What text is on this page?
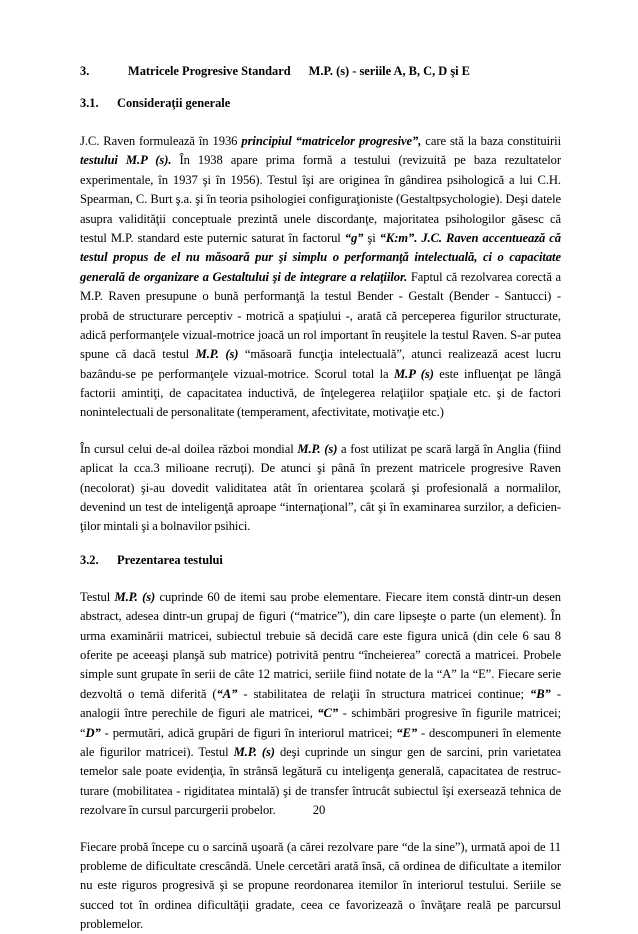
3.	Matricele Progresive Standard M.P. (s) - seriile A, B, C, D şi E
3.1. Consideraţii generale
J.C. Raven formulează în 1936 principiul “matricelor progresive”, care stă la baza constituirii
testului M.P (s). În 1938 apare prima formă a testului (revizuită pe baza rezultatelor
experimentale, în 1937 şi în 1956). Testul îşi are originea în gândirea psihologică a lui C.H.
Spearman, C. Burt ş.a. şi în teoria psihologiei configuraţioniste (Gestaltpsychologie). Deşi datele
asupra validităţii conceptuale prezintă unele discordanţe, majoritatea psihologilor găsesc că
testul M.P. standard este puternic saturat în factorul “g” şi “K:m”. J.C. Raven accentuează că
testul propus de el nu măsoară pur şi simplu o performanţă intelectuală, ci o capacitate
generală de organizare a Gestaltului şi de integrare a relaţiilor. Faptul că rezolvarea corectă a
M.P. Raven presupune o bună performanţă la testul Bender - Gestalt (Bender - Santucci) -
probă de structurare perceptiv - motrică a spaţiului -, arată că perceperea figurilor structurate,
adică performanţele vizual-motrice joacă un rol important în reuşitele la testul Raven. S-ar putea
spune că dacă testul M.P. (s) “măsoară funcţia intelectuală”, atunci realizează acest lucru
bazându-se pe performanţele vizual-motrice. Scorul total la M.P (s) este influenţat pe lângă
factorii amintiţi, de capacitatea inductivă, de înţelegerea relaţiilor spaţiale etc. şi de factori
nonintelectuali de personalitate (temperament, afectivitate, motivaţie etc.)
În cursul celui de-al doilea război mondial M.P. (s) a fost utilizat pe scară largă în Anglia (fiind
aplicat la cca.3 milioane recruţi). De atunci şi până în prezent matricele progresive Raven
(necolorat) şi-au dovedit validitatea atât în orientarea şcolară şi profesională a normalilor,
devenind un test de inteligenţă aproape “internaţional”, cât şi în examinarea surzilor, a deficien-
ţilor mintali şi a bolnavilor psihici.
3.2. Prezentarea testului
Testul M.P. (s) cuprinde 60 de itemi sau probe elementare. Fiecare item constă dintr-un desen
abstract, adesea dintr-un grupaj de figuri (“matrice”), din care lipseşte o parte (un element). În
urma examinării matricei, subiectul trebuie să decidă care este figura unică (din cele 6 sau 8
oferite pe aceeaşi planşă sub matrice) potrivită pentru “încheierea” corectă a matricei. Probele
simple sunt grupate în serii de câte 12 matrici, seriile fiind notate de la “A” la “E”. Fiecare serie
dezvoltă o temă diferită (“A” - stabilitatea de relaţii în structura matricei continue; “B” -
analogii între perechile de figuri ale matricei, “C” - schimbări progresive în figurile matricei;
“D” - permutări, adică grupări de figuri în interiorul matricei; “E” - descompuneri în elemente
ale figurilor matricei). Testul M.P. (s) deşi cuprinde un singur gen de sarcini, prin varietatea
temelor sale poate evidenţia, în strânsă legătură cu inteligenţa generală, capacitatea de restruc-
turare (mobilitatea - rigiditatea mintală) şi de transfer întrucât subiectul îşi exersează tehnica de
rezolvare în cursul parcurgerii probelor.
Fiecare probă începe cu o sarcină uşoară (a cărei rezolvare pare “de la sine”), urmată apoi de 11
probleme de dificultate crescândă. Unele cercetări arată însă, că ordinea de dificultate a itemilor
nu este riguros progresivă şi se propune reordonarea itemilor în interiorul testului. Seriile se
succed tot în ordinea dificultăţii gradate, ceea ce favorizează o învăţare reală pe parcursul
problemelor.
20
